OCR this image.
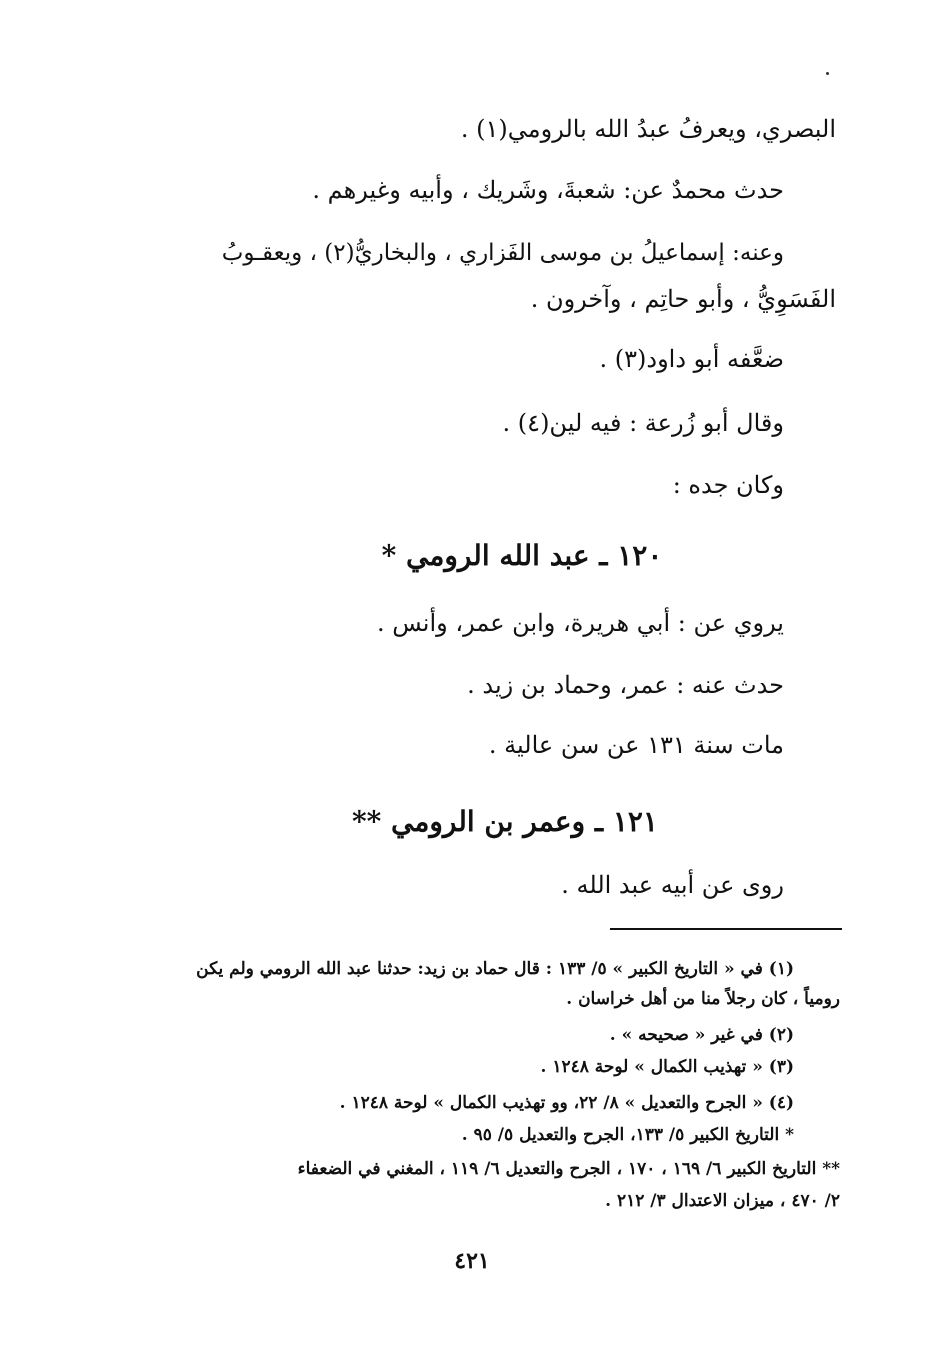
البصري، ويعرفُ عبدُ الله بالرومي(١) .
حدث محمدٌ عن: شعبةَ، وشَريك ، وأبيه وغيرهم .
وعنه: إسماعيلُ بن موسى الفَزاري ، والبخاريُّ(٢) ، ويعقـوبُ
الفَسَوِيُّ ، وأبو حاتِم ، وآخرون .
ضعَّفه أبو داود(٣) .
وقال أبو زُرعة : فيه لين(٤) .
وكان جده :
١٢٠ ـ عبد الله الرومي *
يروي عن : أبي هريرة، وابن عمر، وأنس .
حدث عنه : عمر، وحماد بن زيد .
مات سنة ١٣١ عن سن عالية .
١٢١ ـ وعمر بن الرومي **
روى عن أبيه عبد الله .
(١) في « التاريخ الكبير » ٥/ ١٣٣ : قال حماد بن زيد: حدثنا عبد الله الرومي ولم يكن
رومياً ، كان رجلاً منا من أهل خراسان .
(٢) في غير « صحيحه » .
(٣) « تهذيب الكمال » لوحة ١٢٤٨ .
(٤) « الجرح والتعديل » ٨/ ٢٢، وو تهذيب الكمال » لوحة ١٢٤٨ .
* التاريخ الكبير ٥/ ١٣٣، الجرح والتعديل ٥/ ٩٥ .
** التاريخ الكبير ٦/ ١٦٩ ، ١٧٠ ، الجرح والتعديل ٦/ ١١٩ ، المغني في الضعفاء
٢/ ٤٧٠ ، ميزان الاعتدال ٣/ ٢١٢ .
٤٢١
